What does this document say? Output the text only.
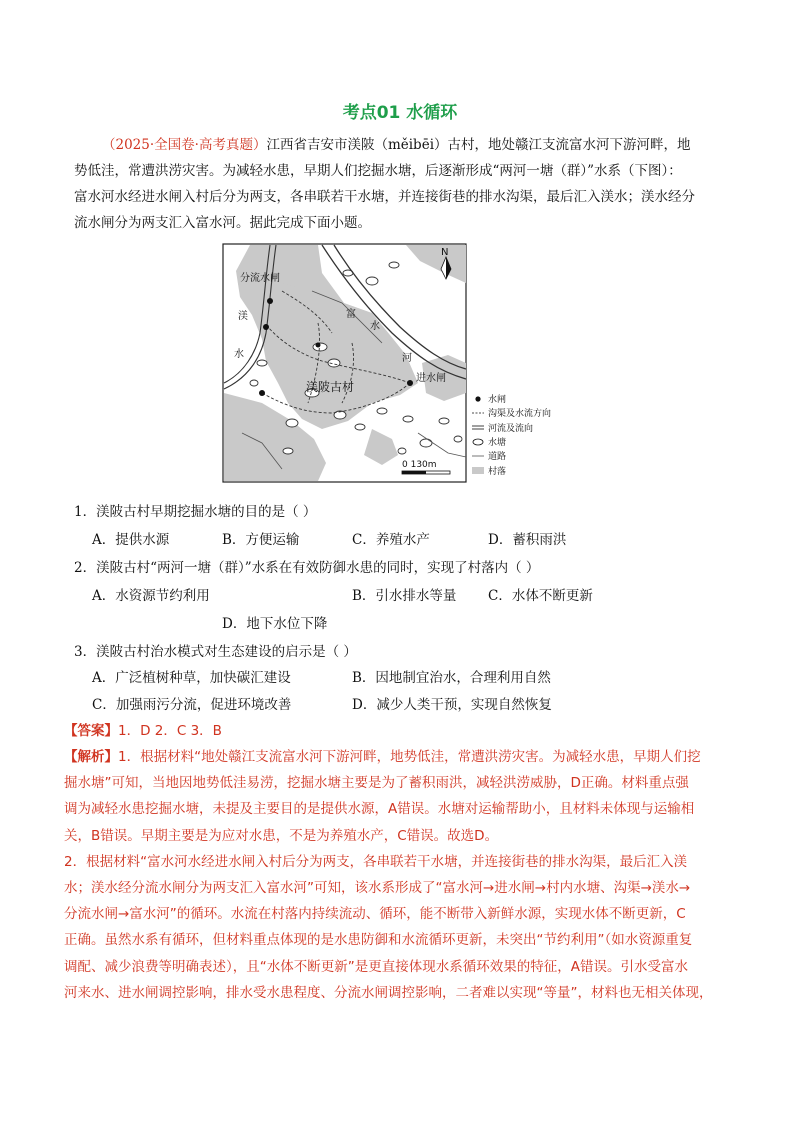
考点01 水循环
（2025·全国卷·高考真题）江西省吉安市渼陂（měibēi）古村，地处赣江支流富水河下游河畔，地
势低洼，常遭洪涝灾害。为减轻水患，早期人们挖掘水塘，后逐渐形成“两河一塘（群）”水系（下图）：
富水河水经进水闸入村后分为两支，各串联若干水塘，并连接街巷的排水沟渠，最后汇入渼水；渼水经分
流水闸分为两支汇入富水河。据此完成下面小题。
N
分流水闸
渼
水
富
水
河
渼陂古村
进水闸
0 130m
水闸
沟渠及水流方向
河流及流向
水塘
道路
村落
1．渼陂古村早期挖掘水塘的目的是（ ）
A．提供水源	B．方便运输	C．养殖水产	D．蓄积雨洪
2．渼陂古村“两河一塘（群）”水系在有效防御水患的同时，实现了村落内（ ）
A．水资源节约利用	B．引水排水等量 C．水体不断更新
D．地下水位下降
3．渼陂古村治水模式对生态建设的启示是（ ）
A．广泛植树种草，加快碳汇建设	B．因地制宜治水，合理利用自然
C．加强雨污分流，促进环境改善	D．减少人类干预，实现自然恢复
【答案】1．D 2．C 3．B
【解析】1．根据材料“地处赣江支流富水河下游河畔，地势低洼，常遭洪涝灾害。为减轻水患，早期人们挖
掘水塘”可知，当地因地势低洼易涝，挖掘水塘主要是为了蓄积雨洪，减轻洪涝威胁，D正确。材料重点强
调为减轻水患挖掘水塘，未提及主要目的是提供水源，A错误。水塘对运输帮助小，且材料未体现与运输相
关，B错误。早期主要是为应对水患，不是为养殖水产，C错误。故选D。
2．根据材料“富水河水经进水闸入村后分为两支，各串联若干水塘，并连接街巷的排水沟渠，最后汇入渼
水；渼水经分流水闸分为两支汇入富水河”可知，该水系形成了“富水河→进水闸→村内水塘、沟渠→渼水→
分流水闸→富水河”的循环。水流在村落内持续流动、循环，能不断带入新鲜水源，实现水体不断更新，C
正确。虽然水系有循环，但材料重点体现的是水患防御和水流循环更新，未突出“节约利用”（如水资源重复
调配、减少浪费等明确表述），且“水体不断更新”是更直接体现水系循环效果的特征，A错误。引水受富水
河来水、进水闸调控影响，排水受水患程度、分流水闸调控影响，二者难以实现“等量”，材料也无相关体现，
